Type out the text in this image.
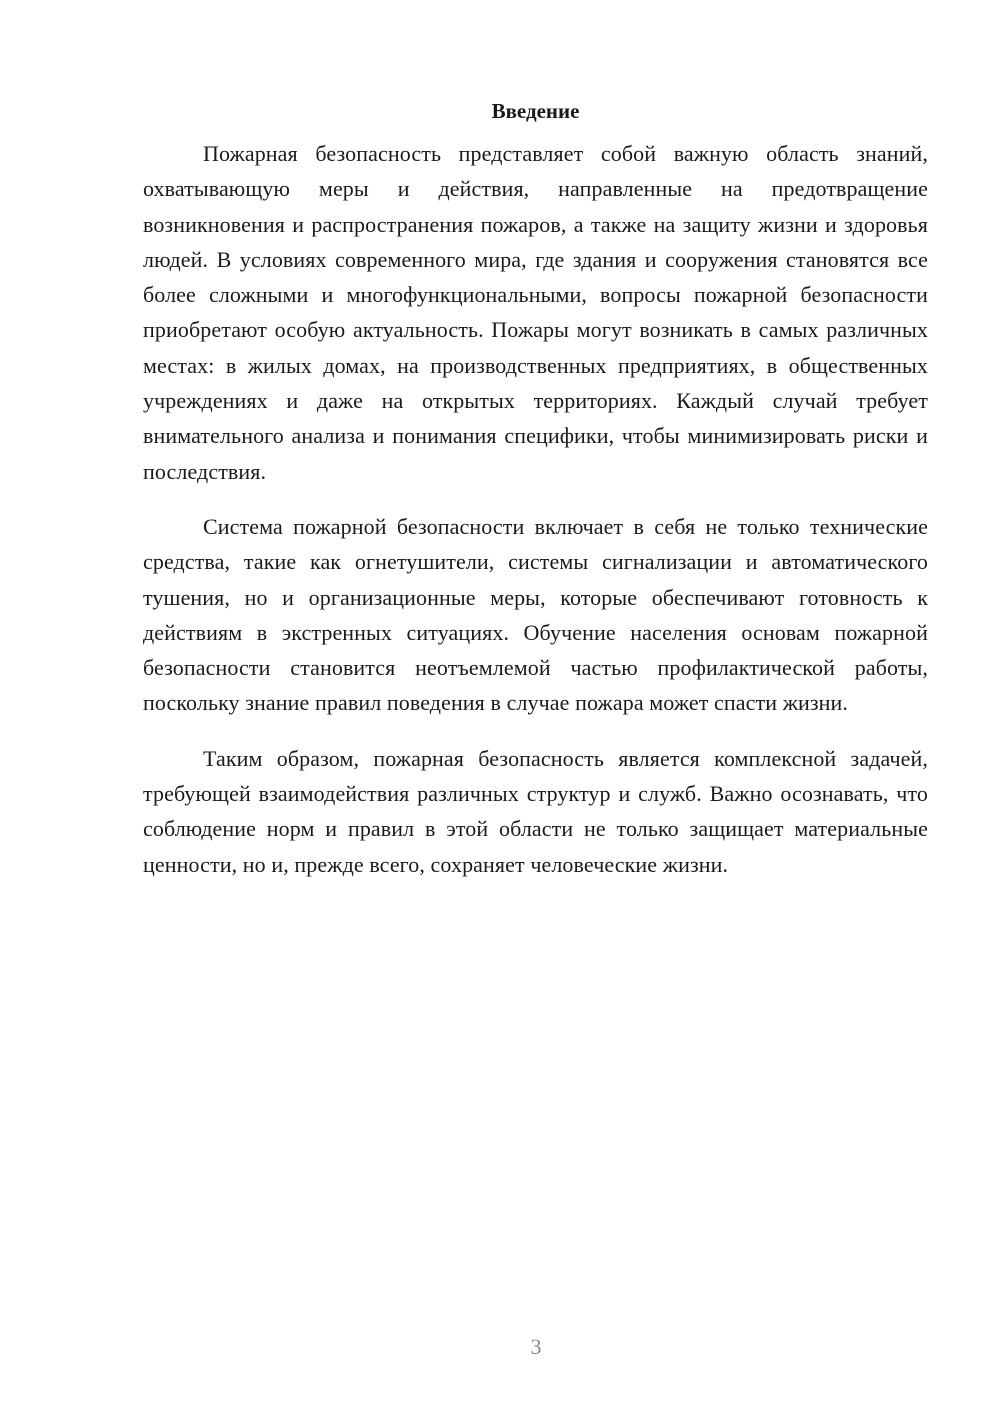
Введение

Пожарная безопасность представляет собой важную область знаний, охватывающую меры и действия, направленные на предотвращение возникновения и распространения пожаров, а также на защиту жизни и здоровья людей. В условиях современного мира, где здания и сооружения становятся все более сложными и многофункциональными, вопросы пожарной безопасности приобретают особую актуальность. Пожары могут возникать в самых различных местах: в жилых домах, на производственных предприятиях, в общественных учреждениях и даже на открытых территориях. Каждый случай требует внимательного анализа и понимания специфики, чтобы минимизировать риски и последствия.

Система пожарной безопасности включает в себя не только технические средства, такие как огнетушители, системы сигнализации и автоматического тушения, но и организационные меры, которые обеспечивают готовность к действиям в экстренных ситуациях. Обучение населения основам пожарной безопасности становится неотъемлемой частью профилактической работы, поскольку знание правил поведения в случае пожара может спасти жизни.

Таким образом, пожарная безопасность является комплексной задачей, требующей взаимодействия различных структур и служб. Важно осознавать, что соблюдение норм и правил в этой области не только защищает материальные ценности, но и, прежде всего, сохраняет человеческие жизни.

3
